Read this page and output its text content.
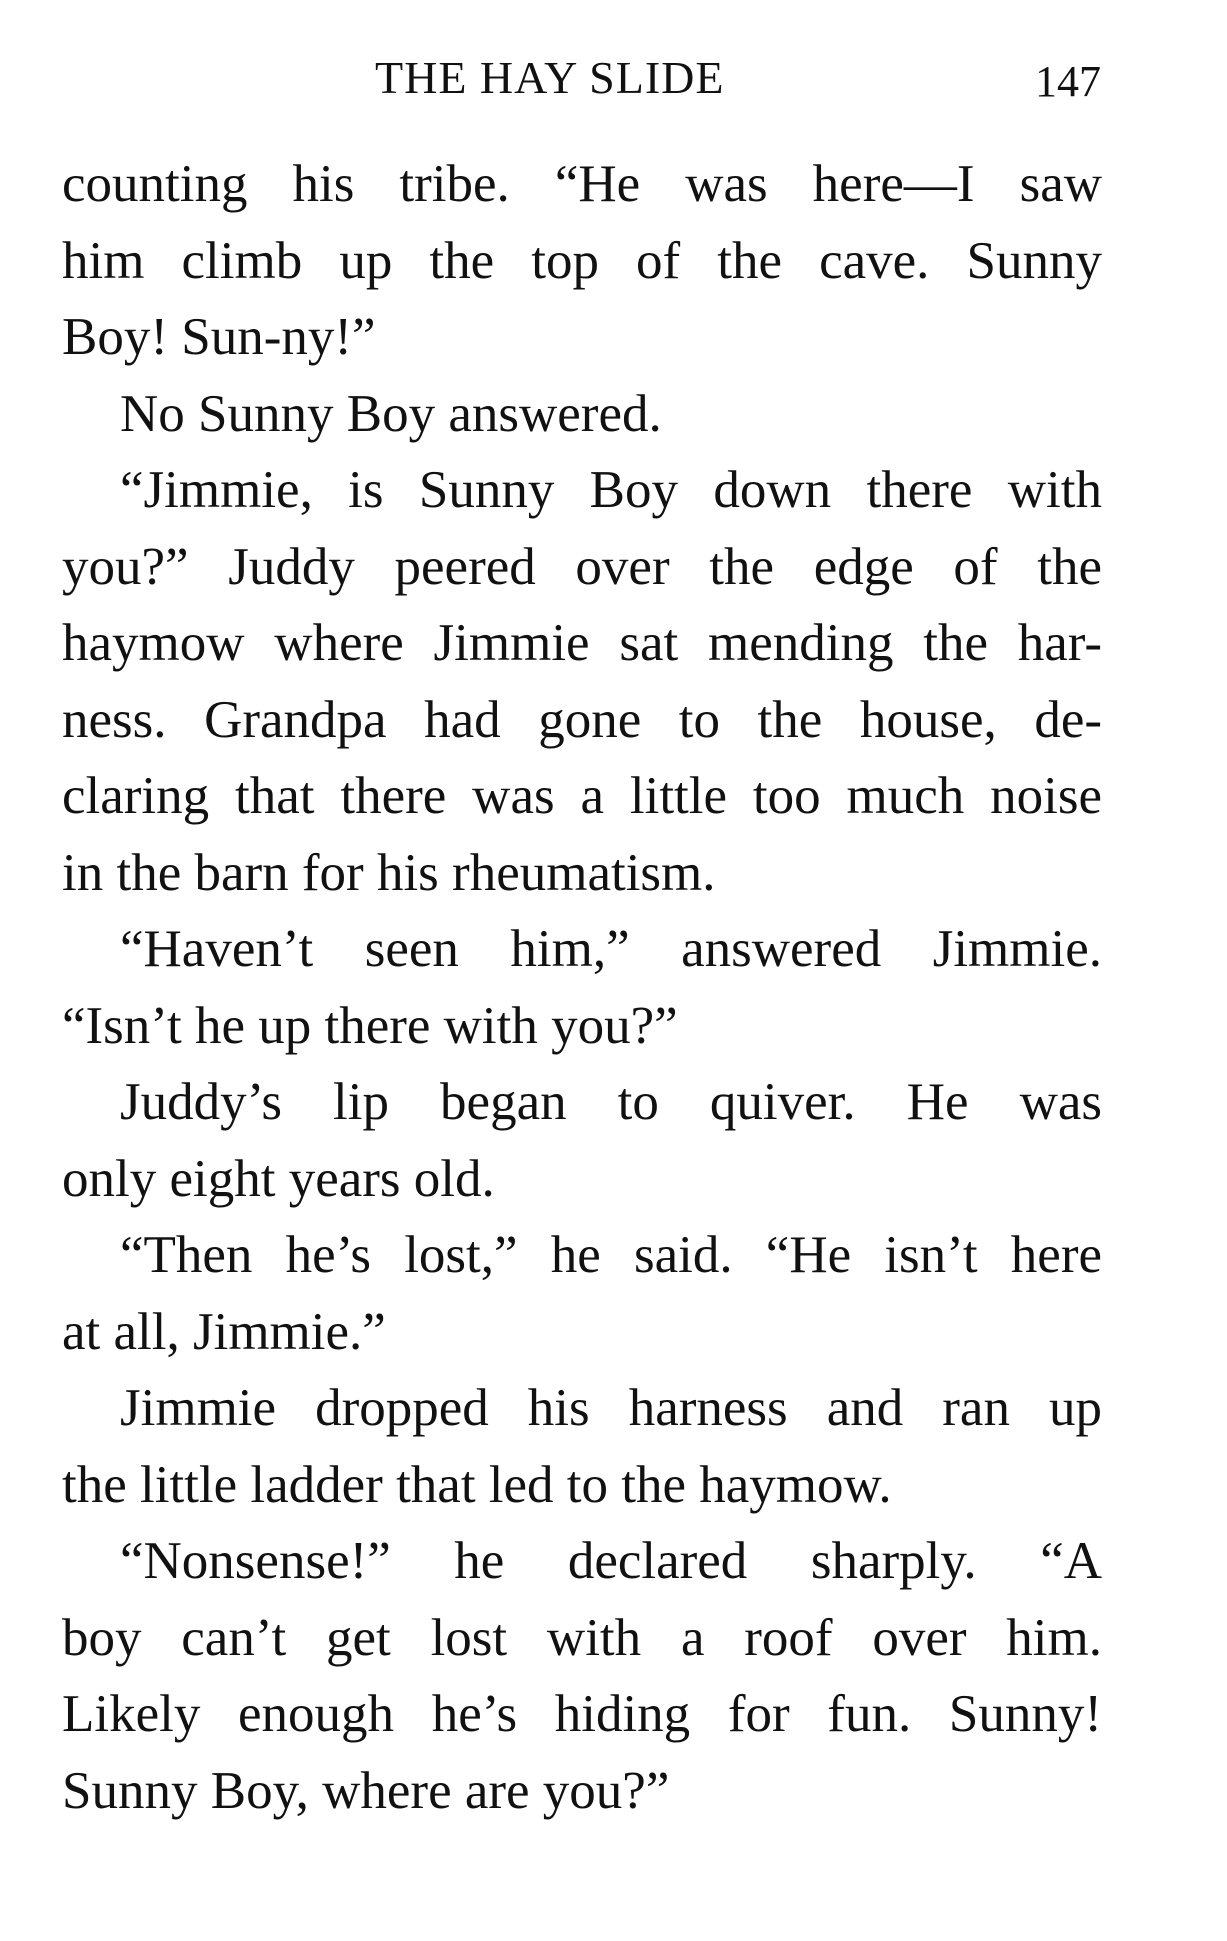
THE HAY SLIDE	147
counting his tribe. “He was here—I saw
him climb up the top of the cave. Sunny
Boy! Sun-ny!”
No Sunny Boy answered.
“Jimmie, is Sunny Boy down there with
you?” Juddy peered over the edge of the
haymow where Jimmie sat mending the har-
ness. Grandpa had gone to the house, de-
claring that there was a little too much noise
in the barn for his rheumatism.
“Haven’t seen him,” answered Jimmie.
“Isn’t he up there with you?”
Juddy’s lip began to quiver. He was
only eight years old.
“Then he’s lost,” he said. “He isn’t here
at all, Jimmie.”
Jimmie dropped his harness and ran up
the little ladder that led to the haymow.
“Nonsense!” he declared sharply. “A
boy can’t get lost with a roof over him.
Likely enough he’s hiding for fun. Sunny!
Sunny Boy, where are you?”
